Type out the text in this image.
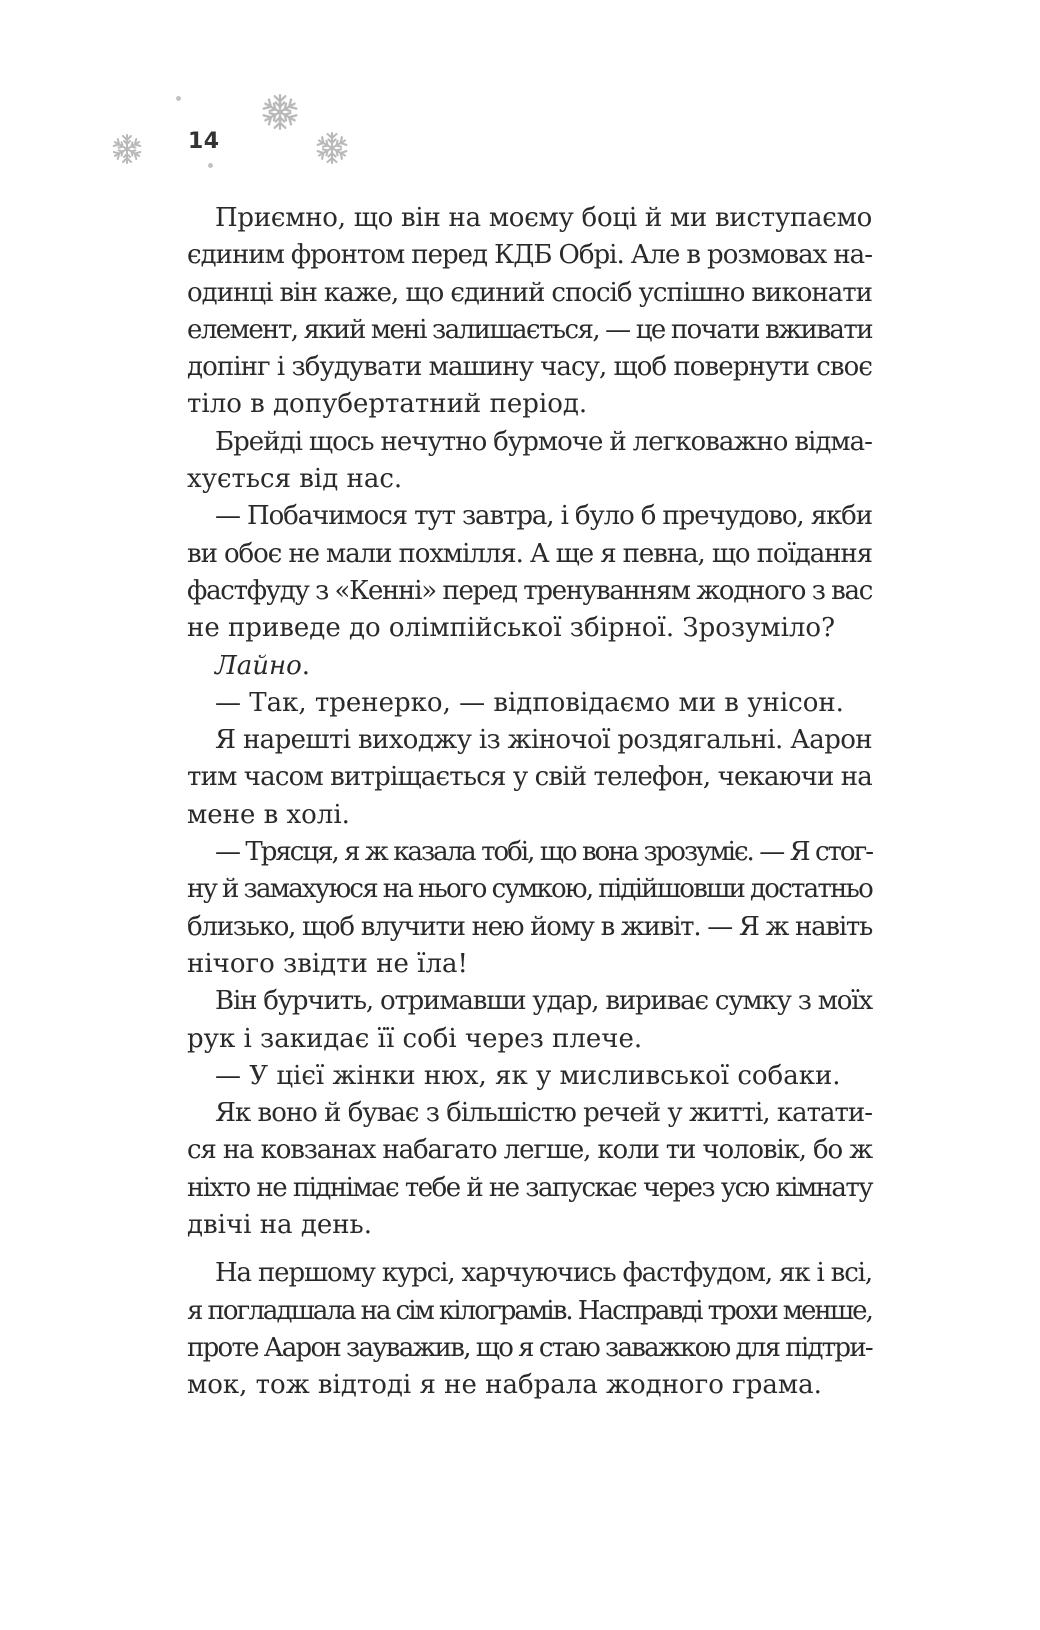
14
Приємно, що він на моєму боці й ми виступаємо
єдиним фронтом перед КДБ Обрі. Але в розмовах на-
одинці він каже, що єдиний спосіб успішно виконати
елемент, який мені залишається, — це почати вживати
допінг і збудувати машину часу, щоб повернути своє
тіло в допубертатний період.
Брейді щось нечутно бурмоче й легковажно відма-
хується від нас.
— Побачимося тут завтра, і було б пречудово, якби
ви обоє не мали похмілля. А ще я певна, що поїдання
фастфуду з «Кенні» перед тренуванням жодного з вас
не приведе до олімпійської збірної. Зрозуміло?
Лайно.
— Так, тренерко, — відповідаємо ми в унісон.
Я нарешті виходжу із жіночої роздягальні. Аарон
тим часом витріщається у свій телефон, чекаючи на
мене в холі.
— Трясця, я ж казала тобі, що вона зрозуміє. — Я стог-
ну й замахуюся на нього сумкою, підійшовши достатньо
близько, щоб влучити нею йому в живіт. — Я ж навіть
нічого звідти не їла!
Він бурчить, отримавши удар, вириває сумку з моїх
рук і закидає її собі через плече.
— У цієї жінки нюх, як у мисливської собаки.
Як воно й буває з більшістю речей у житті, катати-
ся на ковзанах набагато легше, коли ти чоловік, бо ж
ніхто не піднімає тебе й не запускає через усю кімнату
двічі на день.
На першому курсі, харчуючись фастфудом, як і всі,
я погладшала на сім кілограмів. Насправді трохи менше,
проте Аарон зауважив, що я стаю заважкою для підтри-
мок, тож відтоді я не набрала жодного грама.
